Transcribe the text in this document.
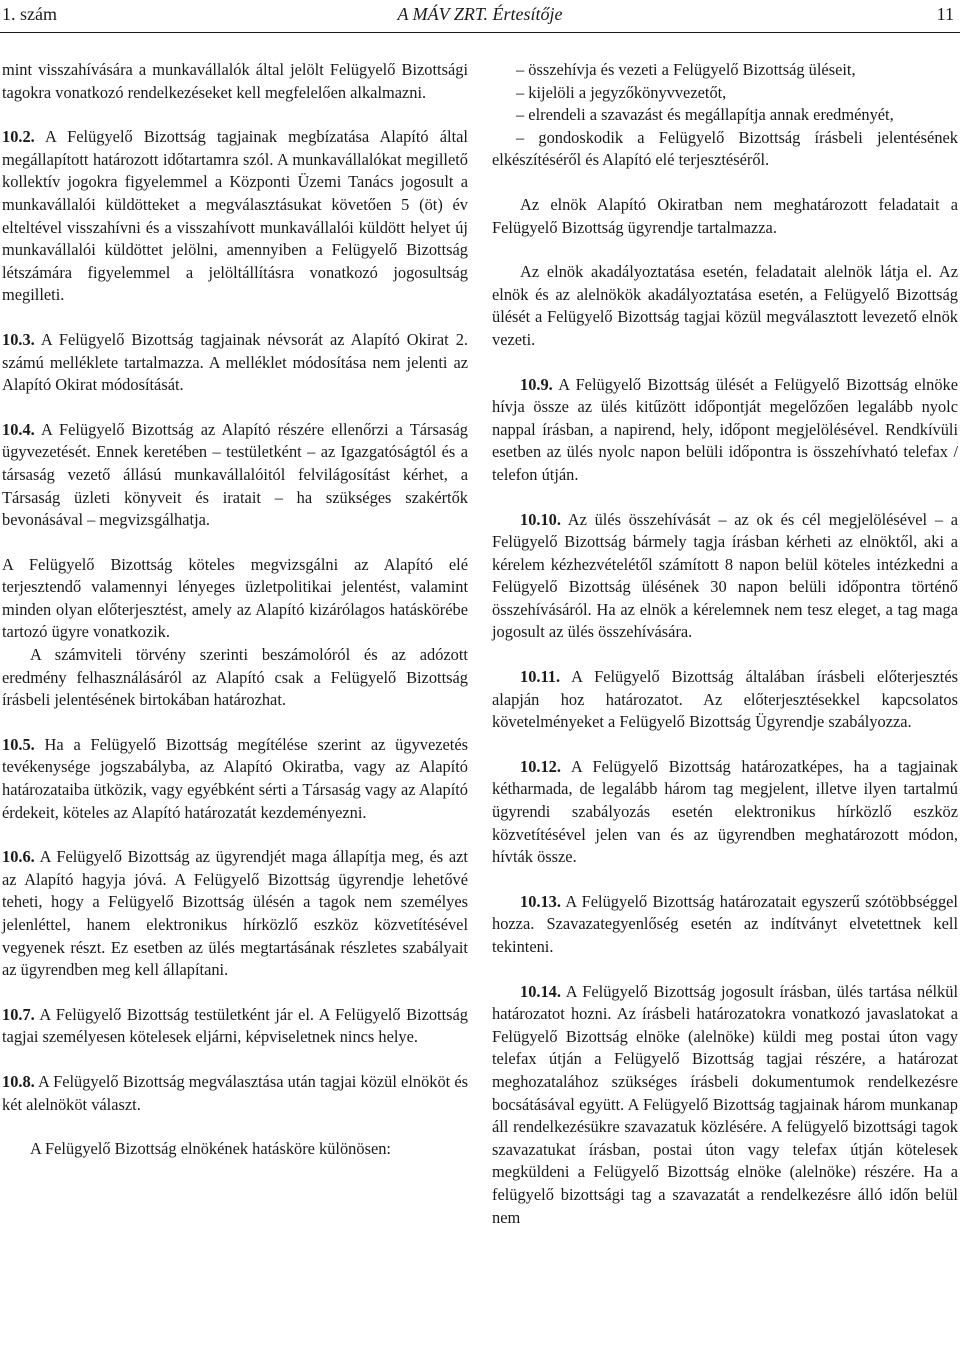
1. szám	A MÁV ZRT. Értesítője	11

mint visszahívására a munkavállalók által jelölt Felügyelő Bizottsági tagokra vonatkozó rendelkezéseket kell megfelelően alkalmazni.

10.2. A Felügyelő Bizottság tagjainak megbízatása Alapító által megállapított határozott időtartamra szól. A munkavállalókat megillető kollektív jogokra figyelemmel a Központi Üzemi Tanács jogosult a munkavállalói küldötteket a megválasztásukat követően 5 (öt) év elteltével visszahívni és a visszahívott munkavállalói küldött helyet új munkavállalói küldöttet jelölni, amennyiben a Felügyelő Bizottság létszámára figyelemmel a jelöltállításra vonatkozó jogosultság megilleti.

10.3. A Felügyelő Bizottság tagjainak névsorát az Alapító Okirat 2. számú melléklete tartalmazza. A melléklet módosítása nem jelenti az Alapító Okirat módosítását.

10.4. A Felügyelő Bizottság az Alapító részére ellenőrzi a Társaság ügyvezetését. Ennek keretében – testületként – az Igazgatóságtól és a társaság vezető állású munkavállalóitól felvilágosítást kérhet, a Társaság üzleti könyveit és iratait – ha szükséges szakértők bevonásával – megvizsgálhatja.

A Felügyelő Bizottság köteles megvizsgálni az Alapító elé terjesztendő valamennyi lényeges üzletpolitikai jelentést, valamint minden olyan előterjesztést, amely az Alapító kizárólagos hatáskörébe tartozó ügyre vonatkozik.

A számviteli törvény szerinti beszámolóról és az adózott eredmény felhasználásáról az Alapító csak a Felügyelő Bizottság írásbeli jelentésének birtokában határozhat.

10.5. Ha a Felügyelő Bizottság megítélése szerint az ügyvezetés tevékenysége jogszabályba, az Alapító Okiratba, vagy az Alapító határozataiba ütközik, vagy egyébként sérti a Társaság vagy az Alapító érdekeit, köteles az Alapító határozatát kezdeményezni.

10.6. A Felügyelő Bizottság az ügyrendjét maga állapítja meg, és azt az Alapító hagyja jóvá. A Felügyelő Bizottság ügyrendje lehetővé teheti, hogy a Felügyelő Bizottság ülésén a tagok nem személyes jelenléttel, hanem elektronikus hírközlő eszköz közvetítésével vegyenek részt. Ez esetben az ülés megtartásának részletes szabályait az ügyrendben meg kell állapítani.

10.7. A Felügyelő Bizottság testületként jár el. A Felügyelő Bizottság tagjai személyesen kötelesek eljárni, képviseletnek nincs helye.

10.8. A Felügyelő Bizottság megválasztása után tagjai közül elnököt és két alelnököt választ.

A Felügyelő Bizottság elnökének hatásköre különösen:

– összehívja és vezeti a Felügyelő Bizottság üléseit,

– kijelöli a jegyzőkönyvvezetőt,

– elrendeli a szavazást és megállapítja annak eredményét,

– gondoskodik a Felügyelő Bizottság írásbeli jelentésének elkészítéséről és Alapító elé terjesztéséről.

Az elnök Alapító Okiratban nem meghatározott feladatait a Felügyelő Bizottság ügyrendje tartalmazza.

Az elnök akadályoztatása esetén, feladatait alelnök látja el. Az elnök és az alelnökök akadályoztatása esetén, a Felügyelő Bizottság ülését a Felügyelő Bizottság tagjai közül megválasztott levezető elnök vezeti.

10.9. A Felügyelő Bizottság ülését a Felügyelő Bizottság elnöke hívja össze az ülés kitűzött időpontját megelőzően legalább nyolc nappal írásban, a napirend, hely, időpont megjelölésével. Rendkívüli esetben az ülés nyolc napon belüli időpontra is összehívható telefax / telefon útján.

10.10. Az ülés összehívását – az ok és cél megjelölésével – a Felügyelő Bizottság bármely tagja írásban kérheti az elnöktől, aki a kérelem kézhezvételétől számított 8 napon belül köteles intézkedni a Felügyelő Bizottság ülésének 30 napon belüli időpontra történő összehívásáról. Ha az elnök a kérelemnek nem tesz eleget, a tag maga jogosult az ülés összehívására.

10.11. A Felügyelő Bizottság általában írásbeli előterjesztés alapján hoz határozatot. Az előterjesztésekkel kapcsolatos követelményeket a Felügyelő Bizottság Ügyrendje szabályozza.

10.12. A Felügyelő Bizottság határozatképes, ha a tagjainak kétharmada, de legalább három tag megjelent, illetve ilyen tartalmú ügyrendi szabályozás esetén elektronikus hírközlő eszköz közvetítésével jelen van és az ügyrendben meghatározott módon, hívták össze.

10.13. A Felügyelő Bizottság határozatait egyszerű szótöbbséggel hozza. Szavazategyenlőség esetén az indítványt elvetettnek kell tekinteni.

10.14. A Felügyelő Bizottság jogosult írásban, ülés tartása nélkül határozatot hozni. Az írásbeli határozatokra vonatkozó javaslatokat a Felügyelő Bizottság elnöke (alelnöke) küldi meg postai úton vagy telefax útján a Felügyelő Bizottság tagjai részére, a határozat meghozatalához szükséges írásbeli dokumentumok rendelkezésre bocsátásával együtt. A Felügyelő Bizottság tagjainak három munkanap áll rendelkezésükre szavazatuk közlésére. A felügyelő bizottsági tagok szavazatukat írásban, postai úton vagy telefax útján kötelesek megküldeni a Felügyelő Bizottság elnöke (alelnöke) részére. Ha a felügyelő bizottsági tag a szavazatát a rendelkezésre álló időn belül nem
